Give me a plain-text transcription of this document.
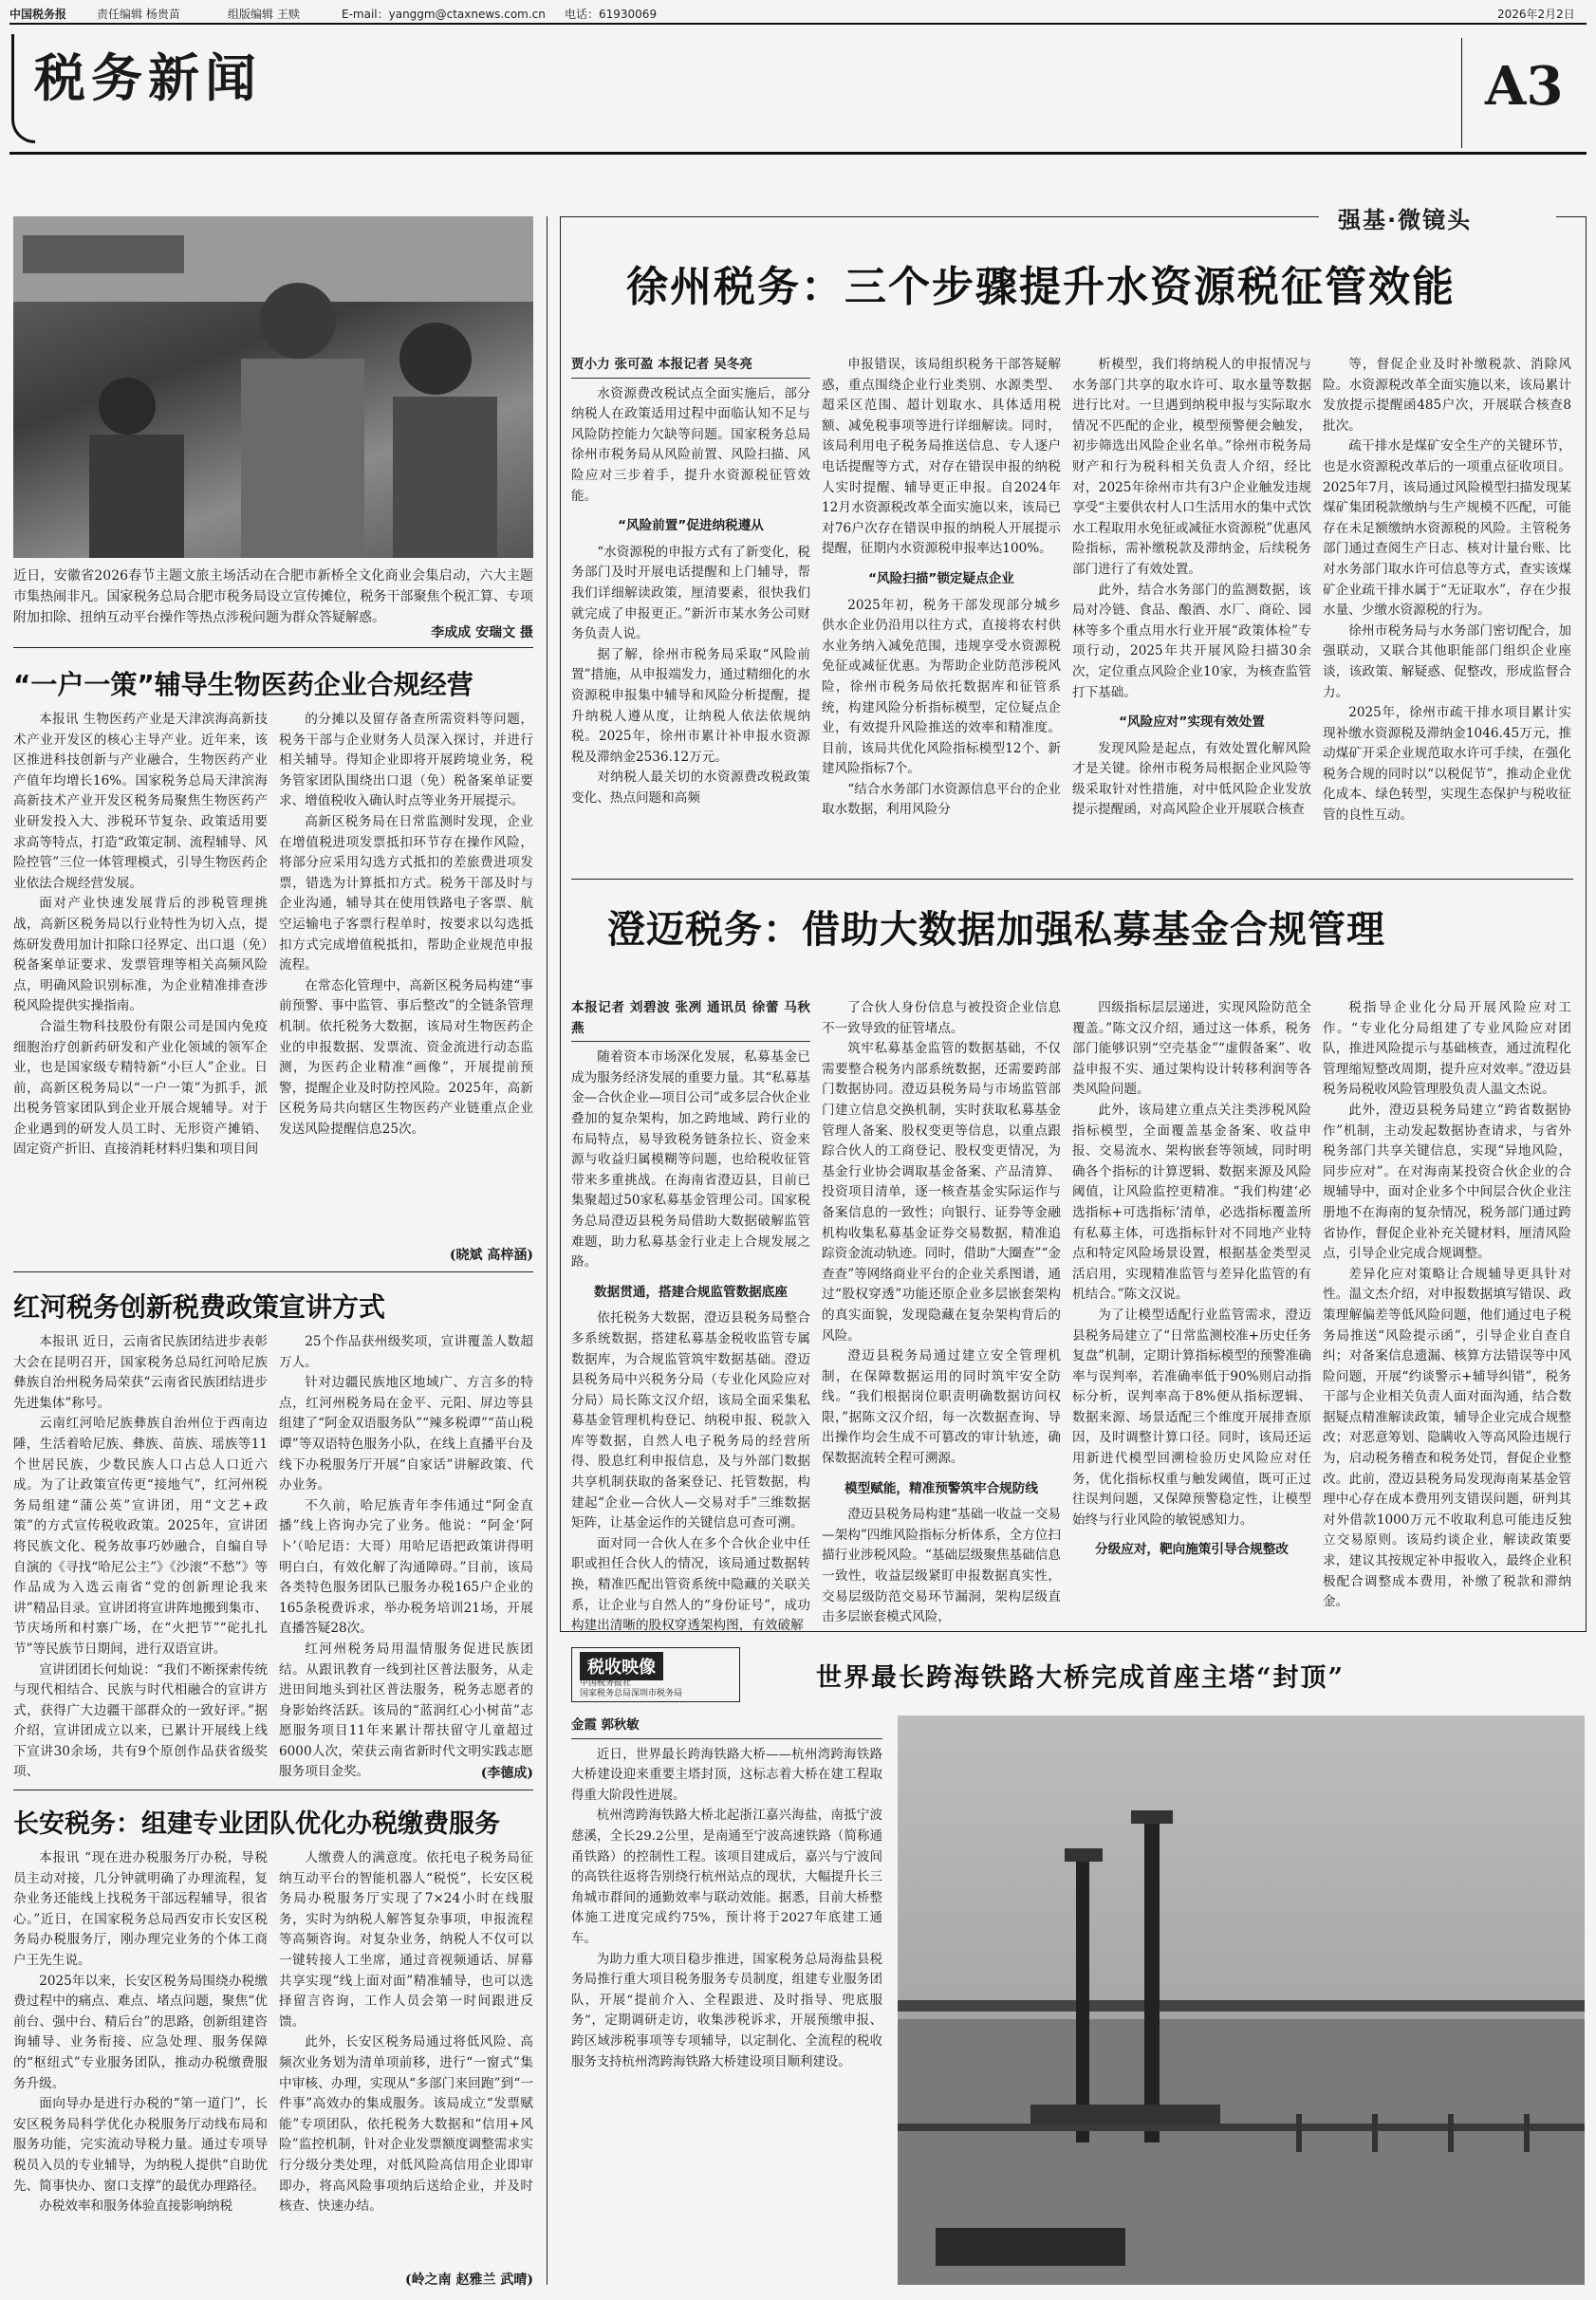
中国税务报	责任编辑 杨贵苗	组版编辑 王赎	E-mail：yanggm@ctaxnews.com.cn 电话：61930069	2026年2月2日
税务新闻	A3
近日，安徽省2026春节主题文旅主场活动在合肥市新桥全文化商业会集启动，六大主题市集热闹非凡。国家税务总局合肥市税务局设立宣传摊位，税务干部聚焦个税汇算、专项附加扣除、扭纳互动平台操作等热点涉税问题为群众答疑解惑。
李成成 安瑞文 摄
“一户一策”辅导生物医药企业合规经营

本报讯 生物医药产业是天津滨海高新技术产业开发区的核心主导产业。近年来，该区推进科技创新与产业融合，生物医药产业产值年均增长16%。国家税务总局天津滨海高新技术产业开发区税务局聚焦生物医药产业研发投入大、涉税环节复杂、政策适用要求高等特点，打造“政策定制、流程辅导、风险控管”三位一体管理模式，引导生物医药企业依法合规经营发展。

面对产业快速发展背后的涉税管理挑战，高新区税务局以行业特性为切入点，提炼研发费用加计扣除口径界定、出口退（免）税备案单证要求、发票管理等相关高频风险点，明确风险识别标准，为企业精准排查涉税风险提供实操指南。

合溢生物科技股份有限公司是国内免疫细胞治疗创新药研发和产业化领域的领军企业，也是国家级专精特新“小巨人”企业。日前，高新区税务局以“一户一策”为抓手，派出税务管家团队到企业开展合规辅导。对于企业遇到的研发人员工时、无形资产摊销、固定资产折旧、直接消耗材料归集和项目间

的分摊以及留存备查所需资料等问题，税务干部与企业财务人员深入探讨，并进行相关辅导。得知企业即将开展跨境业务，税务管家团队围绕出口退（免）税备案单证要求、增值税收入确认时点等业务开展提示。

高新区税务局在日常监测时发现，企业在增值税进项发票抵扣环节存在操作风险，将部分应采用勾选方式抵扣的差旅费进项发票，错选为计算抵扣方式。税务干部及时与企业沟通，辅导其在使用铁路电子客票、航空运输电子客票行程单时，按要求以勾选抵扣方式完成增值税抵扣，帮助企业规范申报流程。

在常态化管理中，高新区税务局构建“事前预警、事中监管、事后整改”的全链条管理机制。依托税务大数据，该局对生物医药企业的申报数据、发票流、资金流进行动态监测，为医药企业精准“画像”，开展提前预警，提醒企业及时防控风险。2025年，高新区税务局共向辖区生物医药产业链重点企业发送风险提醒信息25次。

(晓斌 高梓涵)
红河税务创新税费政策宣讲方式

本报讯 近日，云南省民族团结进步表彰大会在昆明召开，国家税务总局红河哈尼族彝族自治州税务局荣获“云南省民族团结进步先进集体”称号。

云南红河哈尼族彝族自治州位于西南边陲，生活着哈尼族、彝族、苗族、瑶族等11个世居民族，少数民族人口占总人口近六成。为了让政策宣传更“接地气”，红河州税务局组建“蒲公英”宣讲团，用“文艺+政策”的方式宣传税收政策。2025年，宣讲团将民族文化、税务故事巧妙融合，自编自导自演的《寻找“哈尼公主”》《沙滚“不愁”》等作品成为入选云南省“党的创新理论我来讲”精品目录。宣讲团将宣讲阵地搬到集市、节庆场所和村寨广场，在“火把节”“砣扎扎节”等民族节日期间，进行双语宣讲。

宣讲团团长何灿说：“我们不断探索传统与现代相结合、民族与时代相融合的宣讲方式，获得广大边疆干部群众的一致好评。”据介绍，宣讲团成立以来，已累计开展线上线下宣讲30余场，共有9个原创作品获省级奖项、

25个作品获州级奖项，宣讲覆盖人数超万人。

针对边疆民族地区地域广、方言多的特点，红河州税务局在金平、元阳、屏边等县组建了“阿金双语服务队”“辣多税谭”“苗山税谭”等双语特色服务小队，在线上直播平台及线下办税服务厅开展“自家话”讲解政策、代办业务。

不久前，哈尼族青年李伟通过“阿金直播”线上咨询办完了业务。他说：“阿金‘阿卜’（哈尼语：大哥）用哈尼语把政策讲得明明白白，有效化解了沟通障碍。”目前，该局各类特色服务团队已服务办税165户企业的165条税费诉求，举办税务培训21场，开展直播答疑28次。

红河州税务局用温情服务促进民族团结。从跟讯教育一线到社区普法服务，从走进田间地头到社区普法服务，税务志愿者的身影始终活跃。该局的“蓝润红心小树苗”志愿服务项目11年来累计帮扶留守儿童超过6000人次，荣获云南省新时代文明实践志愿服务项目金奖。	(李德成)
长安税务：组建专业团队优化办税缴费服务

本报讯 “现在进办税服务厅办税，导税员主动对接，几分钟就明确了办理流程，复杂业务还能线上找税务干部远程辅导，很省心。”近日，在国家税务总局西安市长安区税务局办税服务厅，刚办理完业务的个体工商户王先生说。

2025年以来，长安区税务局围绕办税缴费过程中的痛点、难点、堵点问题，聚焦“优前台、强中台、精后台”的思路，创新组建咨询辅导、业务衔接、应急处理、服务保障的“枢纽式”专业服务团队，推动办税缴费服务升级。

面向导办是进行办税的“第一道门”，长安区税务局科学优化办税服务厅动线布局和服务功能，完实流动导税力量。通过专项导税员入员的专业辅导，为纳税人提供“自助优先、简事快办、窗口支撑”的最优办理路径。

办税效率和服务体验直接影响纳税

人缴费人的满意度。依托电子税务局征纳互动平台的智能机器人“税悦”，长安区税务局办税服务厅实现了7×24小时在线服务，实时为纳税人解答复杂事项，申报流程等高频咨询。对复杂业务，纳税人不仅可以一键转接人工坐席，通过音视频通话、屏幕共享实现“线上面对面”精准辅导，也可以选择留言咨询，工作人员会第一时间跟进反馈。

此外，长安区税务局通过将低风险、高频次业务划为清单项前移，进行“一窗式”集中审核、办理，实现从“多部门来回跑”到“一件事”高效办的集成服务。该局成立“发票赋能”专项团队，依托税务大数据和“信用+风险”监控机制，针对企业发票额度调整需求实行分级分类处理，对低风险高信用企业即审即办，将高风险事项纳后送给企业，并及时核查、快速办结。

(岭之南 赵雅兰 武晴)
强基·微镜头
徐州税务：三个步骤提升水资源税征管效能

贾小力 张可盈 本报记者 吴冬亮

水资源费改税试点全面实施后，部分纳税人在政策适用过程中面临认知不足与风险防控能力欠缺等问题。国家税务总局徐州市税务局从风险前置、风险扫描、风险应对三步着手，提升水资源税征管效能。

“风险前置”促进纳税遵从

“水资源税的申报方式有了新变化，税务部门及时开展电话提醒和上门辅导，帮我们详细解读政策，厘清要素，很快我们就完成了申报更正。”新沂市某水务公司财务负责人说。

据了解，徐州市税务局采取“风险前置”措施，从申报端发力，通过精细化的水资源税申报集中辅导和风险分析提醒，提升纳税人遵从度，让纳税人依法依规纳税。2025年，徐州市累计补申报水资源税及滞纳金2536.12万元。

对纳税人最关切的水资源费改税政策变化、热点问题和高频

申报错误，该局组织税务干部答疑解惑，重点围绕企业行业类别、水源类型、超采区范围、超计划取水、具体适用税额、减免税事项等进行详细解读。同时，该局利用电子税务局推送信息、专人逐户电话提醒等方式，对存在错误申报的纳税人实时提醒、辅导更正申报。自2024年12月水资源税改革全面实施以来，该局已对76户次存在错误申报的纳税人开展提示提醒，征期内水资源税申报率达100%。

“风险扫描”锁定疑点企业

2025年初，税务干部发现部分城乡供水企业仍沿用以往方式，直接将农村供水业务纳入减免范围，违规享受水资源税免征或减征优惠。为帮助企业防范涉税风险，徐州市税务局依托数据库和征管系统，构建风险分析指标模型，定位疑点企业，有效提升风险推送的效率和精准度。目前，该局共优化风险指标模型12个、新建风险指标7个。

“结合水务部门水资源信息平台的企业取水数据，利用风险分

析模型，我们将纳税人的申报情况与水务部门共享的取水许可、取水量等数据进行比对。一旦遇到纳税申报与实际取水情况不匹配的企业，模型预警便会触发，初步筛选出风险企业名单。”徐州市税务局财产和行为税科相关负责人介绍，经比对，2025年徐州市共有3户企业触发违规享受“主要供农村人口生活用水的集中式饮水工程取用水免征或减征水资源税”优惠风险指标，需补缴税款及滞纳金，后续税务部门进行了有效处置。

此外，结合水务部门的监测数据，该局对冷链、食品、酿酒、水厂、商砼、园林等多个重点用水行业开展“政策体检”专项行动，2025年共开展风险扫描30余次，定位重点风险企业10家，为核查监管打下基础。

“风险应对”实现有效处置

发现风险是起点，有效处置化解风险才是关键。徐州市税务局根据企业风险等级采取针对性措施，对中低风险企业发放提示提醒函，对高风险企业开展联合核查

等，督促企业及时补缴税款、消除风险。水资源税改革全面实施以来，该局累计发放提示提醒函485户次，开展联合核查8批次。

疏干排水是煤矿安全生产的关键环节，也是水资源税改革后的一项重点征收项目。2025年7月，该局通过风险模型扫描发现某煤矿集团税款缴纳与生产规模不匹配，可能存在未足额缴纳水资源税的风险。主管税务部门通过查阅生产日志、核对计量台账、比对水务部门取水许可信息等方式，查实该煤矿企业疏干排水属于“无证取水”，存在少报水量、少缴水资源税的行为。

徐州市税务局与水务部门密切配合，加强联动，又联合其他职能部门组织企业座谈，该政策、解疑惑、促整改，形成监督合力。

2025年，徐州市疏干排水项目累计实现补缴水资源税及滞纳金1046.45万元，推动煤矿开采企业规范取水许可手续，在强化税务合规的同时以“以税促节”，推动企业优化成本、绿色转型，实现生态保护与税收征管的良性互动。

澄迈税务：借助大数据加强私募基金合规管理

本报记者 刘碧波 张冽 通讯员 徐蕾 马秋燕

随着资本市场深化发展，私募基金已成为服务经济发展的重要力量。其“私募基金—合伙企业—项目公司”或多层合伙企业叠加的复杂架构，加之跨地域、跨行业的布局特点，易导致税务链条拉长、资金来源与收益归属模糊等问题，也给税收征管带来多重挑战。在海南省澄迈县，目前已集聚超过50家私募基金管理公司。国家税务总局澄迈县税务局借助大数据破解监管难题，助力私募基金行业走上合规发展之路。

数据贯通，搭建合规监管数据底座

依托税务大数据，澄迈县税务局整合多系统数据，搭建私募基金税收监管专属数据库，为合规监管筑牢数据基础。澄迈县税务局中兴税务分局（专业化风险应对分局）局长陈文汉介绍，该局全面采集私募基金管理机构登记、纳税申报、税款入库等数据，自然人电子税务局的经营所得、股息红利申报信息，及与外部门数据共享机制获取的备案登记、托管数据，构建起“企业—合伙人—交易对手”三维数据矩阵，让基金运作的关键信息可查可溯。

面对同一合伙人在多个合伙企业中任职或担任合伙人的情况，该局通过数据转换，精准匹配出管资系统中隐藏的关联关系，让企业与自然人的“身份证号”，成功构建出清晰的股权穿透架构图，有效破解

了合伙人身份信息与被投资企业信息不一致导致的征管堵点。

筑牢私募基金监管的数据基础，不仅需要整合税务内部系统数据，还需要跨部门数据协同。澄迈县税务局与市场监管部门建立信息交换机制，实时获取私募基金管理人备案、股权变更等信息，以重点跟踪合伙人的工商登记、股权变更情况，为基金行业协会调取基金备案、产品清算、投资项目清单，逐一核查基金实际运作与备案信息的一致性；向银行、证券等金融机构收集私募基金证券交易数据，精准追踪资金流动轨迹。同时，借助“大圈查”“金查查”等网络商业平台的企业关系图谱，通过“股权穿透”功能还原企业多层嵌套架构的真实面貌，发现隐藏在复杂架构背后的风险。

澄迈县税务局通过建立安全管理机制，在保障数据运用的同时筑牢安全防线。“我们根据岗位职责明确数据访问权限，”据陈文汉介绍，每一次数据查询、导出操作均会生成不可篡改的审计轨迹，确保数据流转全程可溯源。

模型赋能，精准预警筑牢合规防线

澄迈县税务局构建“基础一收益一交易—架构”四维风险指标分析体系，全方位扫描行业涉税风险。“基础层级聚焦基础信息一致性，收益层级紧盯申报数据真实性，交易层级防范交易环节漏洞，架构层级直击多层嵌套模式风险，

四级指标层层递进，实现风险防范全覆盖。”陈文汉介绍，通过这一体系，税务部门能够识别“空壳基金”“虚假备案”、收益申报不实、通过架构设计转移利润等各类风险问题。

此外，该局建立重点关注类涉税风险指标模型，全面覆盖基金备案、收益申报、交易流水、架构嵌套等领域，同时明确各个指标的计算逻辑、数据来源及风险阈值，让风险监控更精准。“我们构建‘必选指标+可选指标’清单，必选指标覆盖所有私募主体，可选指标针对不同地产业特点和特定风险场景设置，根据基金类型灵活启用，实现精准监管与差异化监管的有机结合。”陈文汉说。

为了让模型适配行业监管需求，澄迈县税务局建立了“日常监测校准+历史任务复盘”机制，定期计算指标模型的预警准确率与误判率，若准确率低于90%则启动指标分析，误判率高于8%便从指标逻辑、数据来源、场景适配三个维度开展排查原因，及时调整计算口径。同时，该局还运用新进代模型回溯检验历史风险应对任务，优化指标权重与触发阈值，既可正过往误判问题，又保障预警稳定性，让模型始终与行业风险的敏锐感知力。

分级应对，靶向施策引导合规整改

税指导企业化分局开展风险应对工作。“专业化分局组建了专业风险应对团队，推进风险提示与基础核查，通过流程化管理缩短整改周期，提升应对效率。”澄迈县税务局税收风险管理股负责人温文杰说。

此外，澄迈县税务局建立“跨省数据协作”机制，主动发起数据协查请求，与省外税务部门共享关键信息，实现“异地风险，同步应对”。在对海南某投资合伙企业的合规辅导中，面对企业多个中间层合伙企业注册地不在海南的复杂情况，税务部门通过跨省协作，督促企业补充关键材料，厘清风险点，引导企业完成合规调整。

差异化应对策略让合规辅导更具针对性。温文杰介绍，对申报数据填写错误、政策理解偏差等低风险问题，他们通过电子税务局推送“风险提示函”，引导企业自查自纠；对备案信息遗漏、核算方法错误等中风险问题，开展“约谈警示+辅导纠错”，税务干部与企业相关负责人面对面沟通，结合数据疑点精准解读政策，辅导企业完成合规整改；对恶意筹划、隐瞒收入等高风险违规行为，启动税务稽查和税务处罚，督促企业整改。此前，澄迈县税务局发现海南某基金管理中心存在成本费用列支错误问题，研判其对外借款1000万元不收取利息可能违反独立交易原则。该局约谈企业，解读政策要求，建议其按规定补申报收入，最终企业积极配合调整成本费用，补缴了税款和滞纳金。

税收映像
中国税务报社
国家税务总局深圳市税务局
世界最长跨海铁路大桥完成首座主塔“封顶”

金霞 郭秋敏

近日，世界最长跨海铁路大桥——杭州湾跨海铁路大桥建设迎来重要主塔封顶，这标志着大桥在建工程取得重大阶段性进展。

杭州湾跨海铁路大桥北起浙江嘉兴海盐，南抵宁波慈溪，全长29.2公里，是南通至宁波高速铁路（简称通甬铁路）的控制性工程。该项目建成后，嘉兴与宁波间的高铁往返将告别绕行杭州站点的现状，大幅提升长三角城市群间的通勤效率与联动效能。据悉，目前大桥整体施工进度完成约75%，预计将于2027年底建工通车。

为助力重大项目稳步推进，国家税务总局海盐县税务局推行重大项目税务服务专员制度，组建专业服务团队，开展“提前介入、全程跟进、及时指导、兜底服务”，定期调研走访，收集涉税诉求，开展预缴申报、跨区域涉税事项等专项辅导，以定制化、全流程的税收服务支持杭州湾跨海铁路大桥建设项目顺利建设。
